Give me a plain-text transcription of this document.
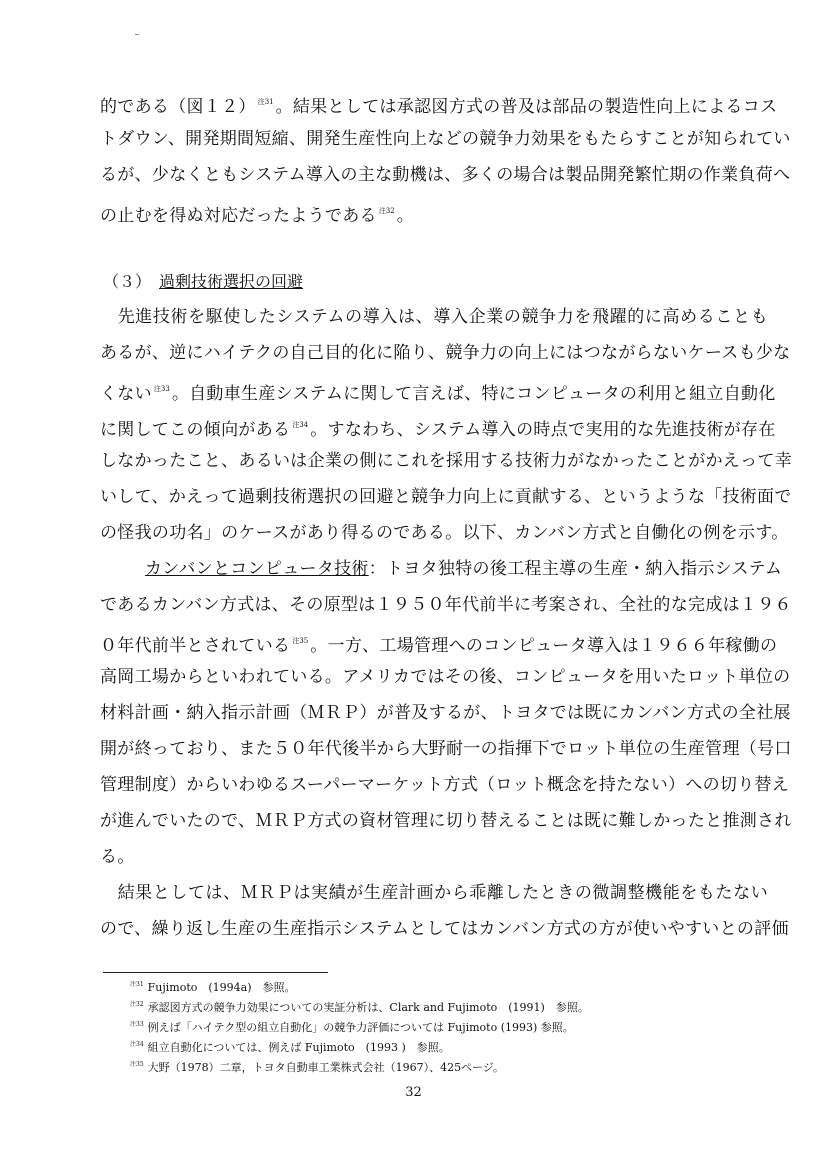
的である（図１２） $^{注31}$ 。結果としては承認図方式の普及は部品の製造性向上によるコス
トダウン、開発期間短縮、開発生産性向上などの競争力効果をもたらすことが知られてい
るが、少なくともシステム導入の主な動機は、多くの場合は製品開発繁忙期の作業負荷へ
の止むを得ぬ対応だったようである $^{注32}$ 。
（３） 過剰技術選択の回避
　先進技術を駆使したシステムの導入は、導入企業の競争力を飛躍的に高めることも
あるが、逆にハイテクの自己目的化に陥り、競争力の向上にはつながらないケースも少な
くない $^{注33}$ 。自動車生産システムに関して言えば、特にコンピュータの利用と組立自動化
に関してこの傾向がある $^{注34}$ 。すなわち、システム導入の時点で実用的な先進技術が存在
しなかったこと、あるいは企業の側にこれを採用する技術力がなかったことがかえって幸
いして、かえって過剰技術選択の回避と競争力向上に貢献する、というような「技術面で
の怪我の功名」のケースがあり得るのである。以下、カンバン方式と自働化の例を示す。
カンバンとコンピュータ技術：トヨタ独特の後工程主導の生産・納入指示システム
であるカンバン方式は、その原型は１９５０年代前半に考案され、全社的な完成は１９６
０年代前半とされている $^{注35}$ 。一方、工場管理へのコンピュータ導入は１９６６年稼働の
高岡工場からといわれている。アメリカではその後、コンピュータを用いたロット単位の
材料計画・納入指示計画（ＭＲＰ）が普及するが、トヨタでは既にカンバン方式の全社展
開が終っており、また５０年代後半から大野耐一の指揮下でロット単位の生産管理（号口
管理制度）からいわゆるスーパーマーケット方式（ロット概念を持たない）への切り替え
が進んでいたので、ＭＲＰ方式の資材管理に切り替えることは既に難しかったと推測され
る。
　結果としては、ＭＲＰは実績が生産計画から乖離したときの微調整機能をもたない
ので、繰り返し生産の生産指示システムとしてはカンバン方式の方が使いやすいとの評価
$^{注31}$ Fujimoto　(1994a)　参照。
$^{注32}$ 承認図方式の競争力効果についての実証分析は、Clark and Fujimoto　(1991)　参照。
$^{注33}$ 例えば「ハイテク型の組立自動化」の競争力評価については Fujimoto (1993) 参照。
$^{注34}$ 組立自動化については、例えば Fujimoto　(1993 )　参照。
$^{注35}$ 大野（1978）二章，トヨタ自動車工業株式会社（1967）、425ページ。
32
